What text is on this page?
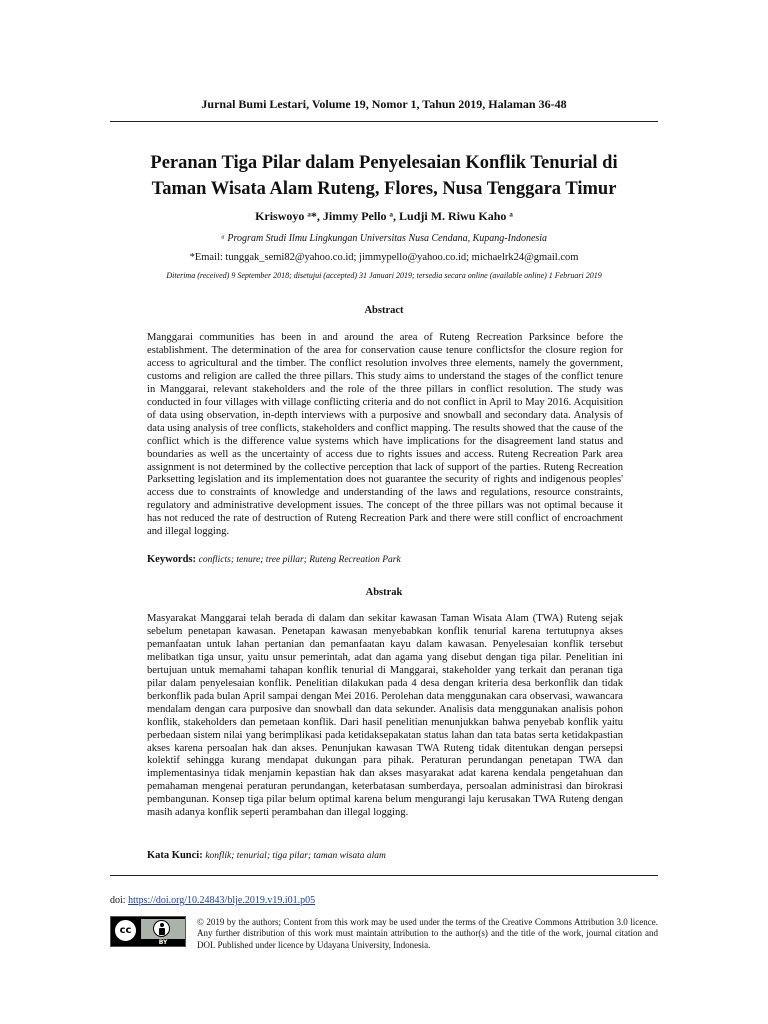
Jurnal Bumi Lestari, Volume 19, Nomor 1, Tahun 2019, Halaman 36-48
Peranan Tiga Pilar dalam Penyelesaian Konflik Tenurial di
Taman Wisata Alam Ruteng, Flores, Nusa Tenggara Timur
Kriswoyo ᵃ*, Jimmy Pello ᵃ, Ludji M. Riwu Kaho ᵃ
ᵃ Program Studi Ilmu Lingkungan Universitas Nusa Cendana, Kupang-Indonesia
*Email: tunggak_semi82@yahoo.co.id; jimmypello@yahoo.co.id; michaelrk24@gmail.com
Diterima (received) 9 September 2018; disetujui (accepted) 31 Januari 2019; tersedia secara online (available online) 1 Februari 2019
Abstract

Manggarai communities has been in and around the area of Ruteng Recreation Parksince before the establishment. The determination of the area for conservation cause tenure conflictsfor the closure region for access to agricultural and the timber. The conflict resolution involves three elements, namely the government, customs and religion are called the three pillars. This study aims to understand the stages of the conflict tenure in Manggarai, relevant stakeholders and the role of the three pillars in conflict resolution. The study was conducted in four villages with village conflicting criteria and do not conflict in April to May 2016. Acquisition of data using observation, in-depth interviews with a purposive and snowball and secondary data. Analysis of data using analysis of tree conflicts, stakeholders and conflict mapping. The results showed that the cause of the conflict which is the difference value systems which have implications for the disagreement land status and boundaries as well as the uncertainty of access due to rights issues and access. Ruteng Recreation Park area assignment is not determined by the collective perception that lack of support of the parties. Ruteng Recreation Parksetting legislation and its implementation does not guarantee the security of rights and indigenous peoples' access due to constraints of knowledge and understanding of the laws and regulations, resource constraints, regulatory and administrative development issues. The concept of the three pillars was not optimal because it has not reduced the rate of destruction of Ruteng Recreation Park and there were still conflict of encroachment and illegal logging.

Keywords: conflicts; tenure; tree pillar; Ruteng Recreation Park
Abstrak

Masyarakat Manggarai telah berada di dalam dan sekitar kawasan Taman Wisata Alam (TWA) Ruteng sejak sebelum penetapan kawasan. Penetapan kawasan menyebabkan konflik tenurial karena tertutupnya akses pemanfaatan untuk lahan pertanian dan pemanfaatan kayu dalam kawasan. Penyelesaian konflik tersebut melibatkan tiga unsur, yaitu unsur pemerintah, adat dan agama yang disebut dengan tiga pilar. Penelitian ini bertujuan untuk memahami tahapan konflik tenurial di Manggarai, stakeholder yang terkait dan peranan tiga pilar dalam penyelesaian konflik. Penelitian dilakukan pada 4 desa dengan kriteria desa berkonflik dan tidak berkonflik pada bulan April sampai dengan Mei 2016. Perolehan data menggunakan cara observasi, wawancara mendalam dengan cara purposive dan snowball dan data sekunder. Analisis data menggunakan analisis pohon konflik, stakeholders dan pemetaan konflik. Dari hasil penelitian menunjukkan bahwa penyebab konflik yaitu perbedaan sistem nilai yang berimplikasi pada ketidaksepakatan status lahan dan tata batas serta ketidakpastian akses karena persoalan hak dan akses. Penunjukan kawasan TWA Ruteng tidak ditentukan dengan persepsi kolektif sehingga kurang mendapat dukungan para pihak. Peraturan perundangan penetapan TWA dan implementasinya tidak menjamin kepastian hak dan akses masyarakat adat karena kendala pengetahuan dan pemahaman mengenai peraturan perundangan, keterbatasan sumberdaya, persoalan administrasi dan birokrasi pembangunan. Konsep tiga pilar belum optimal karena belum mengurangi laju kerusakan TWA Ruteng dengan masih adanya konflik seperti perambahan dan illegal logging.

Kata Kunci: konflik; tenurial; tiga pilar; taman wisata alam
doi: https://doi.org/10.24843/blje.2019.v19.i01.p05
cc
BY

© 2019 by the authors; Content from this work may be used under the terms of the Creative Commons Attribution 3.0 licence. Any further distribution of this work must maintain attribution to the author(s) and the title of the work, journal citation and DOI. Published under licence by Udayana University, Indonesia.
